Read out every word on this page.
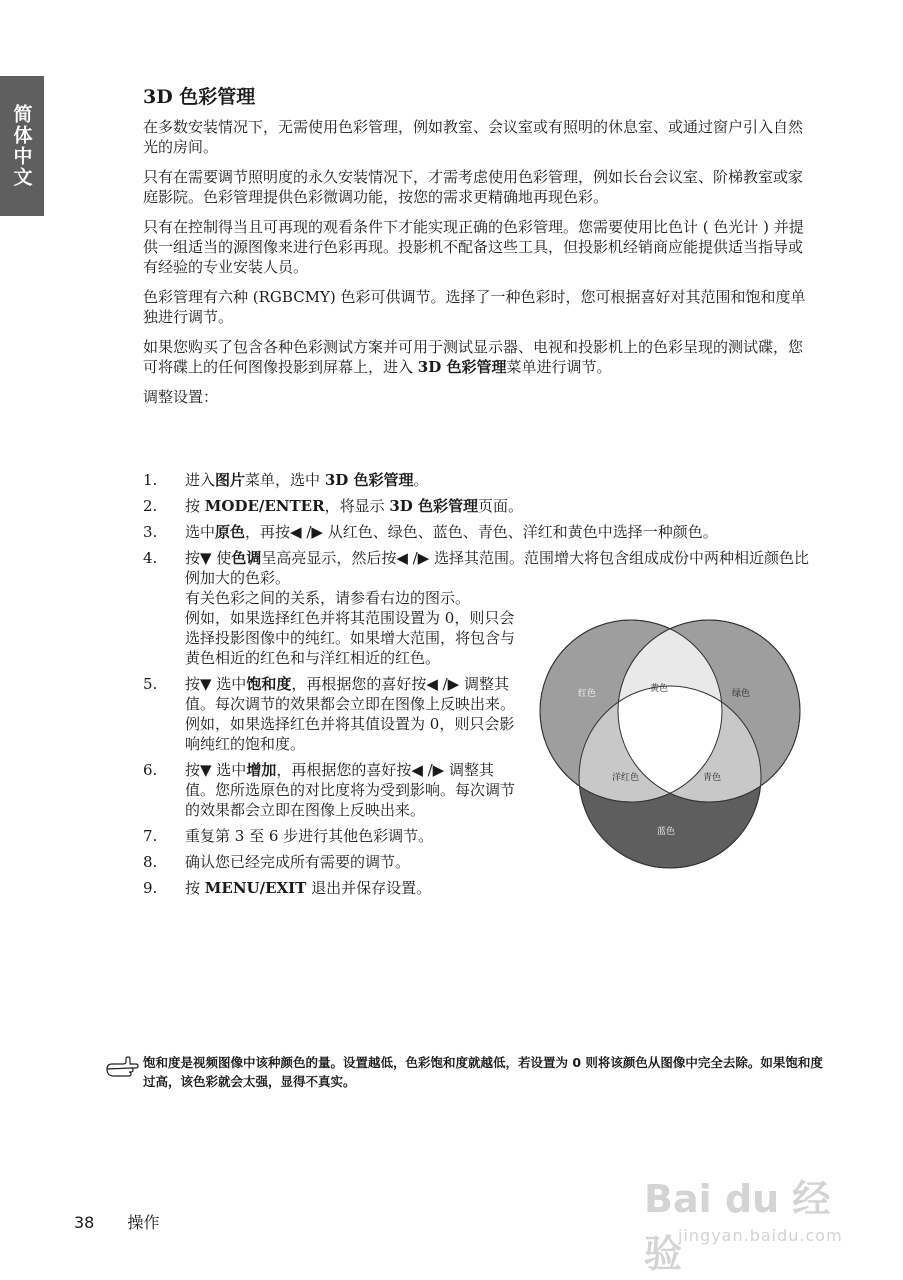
简体中文
3D 色彩管理

在多数安装情况下，无需使用色彩管理，例如教室、会议室或有照明的休息室、或通过窗户引入自然光的房间。

只有在需要调节照明度的永久安装情况下，才需考虑使用色彩管理，例如长台会议室、阶梯教室或家庭影院。色彩管理提供色彩微调功能，按您的需求更精确地再现色彩。

只有在控制得当且可再现的观看条件下才能实现正确的色彩管理。您需要使用比色计 ( 色光计 ) 并提供一组适当的源图像来进行色彩再现。投影机不配备这些工具，但投影机经销商应能提供适当指导或有经验的专业安装人员。

色彩管理有六种 (RGBCMY) 色彩可供调节。选择了一种色彩时，您可根据喜好对其范围和饱和度单独进行调节。

如果您购买了包含各种色彩测试方案并可用于测试显示器、电视和投影机上的色彩呈现的测试碟，您可将碟上的任何图像投影到屏幕上，进入 3D 色彩管理菜单进行调节。

调整设置：

1. 进入图片菜单，选中 3D 色彩管理。
2. 按 MODE/ENTER，将显示 3D 色彩管理页面。
3. 选中原色，再按◀ /▶ 从红色、绿色、蓝色、青色、洋红和黄色中选择一种颜色。
4. 按▼ 使色调呈高亮显示，然后按◀ /▶ 选择其范围。范围增大将包含组成成份中两种相近颜色比例加大的色彩。
有关色彩之间的关系，请参看右边的图示。
例如，如果选择红色并将其范围设置为 0，则只会选择投影图像中的纯红。如果增大范围，将包含与黄色相近的红色和与洋红相近的红色。
5. 按▼ 选中饱和度，再根据您的喜好按◀ /▶ 调整其值。每次调节的效果都会立即在图像上反映出来。
例如，如果选择红色并将其值设置为 0，则只会影响纯红的饱和度。
6. 按▼ 选中增加，再根据您的喜好按◀ /▶ 调整其值。您所选原色的对比度将为受到影响。每次调节的效果都会立即在图像上反映出来。
7. 重复第 3 至 6 步进行其他色彩调节。
8. 确认您已经完成所有需要的调节。
9. 按 MENU/EXIT 退出并保存设置。
红色	绿色
黄色
洋红色	青色
蓝色
饱和度是视频图像中该种颜色的量。设置越低，色彩饱和度就越低，若设置为 0 则将该颜色从图像中完全去除。如果饱和度过高，该色彩就会太强，显得不真实。
38 操作
Bai du 经验
jingyan.baidu.com
